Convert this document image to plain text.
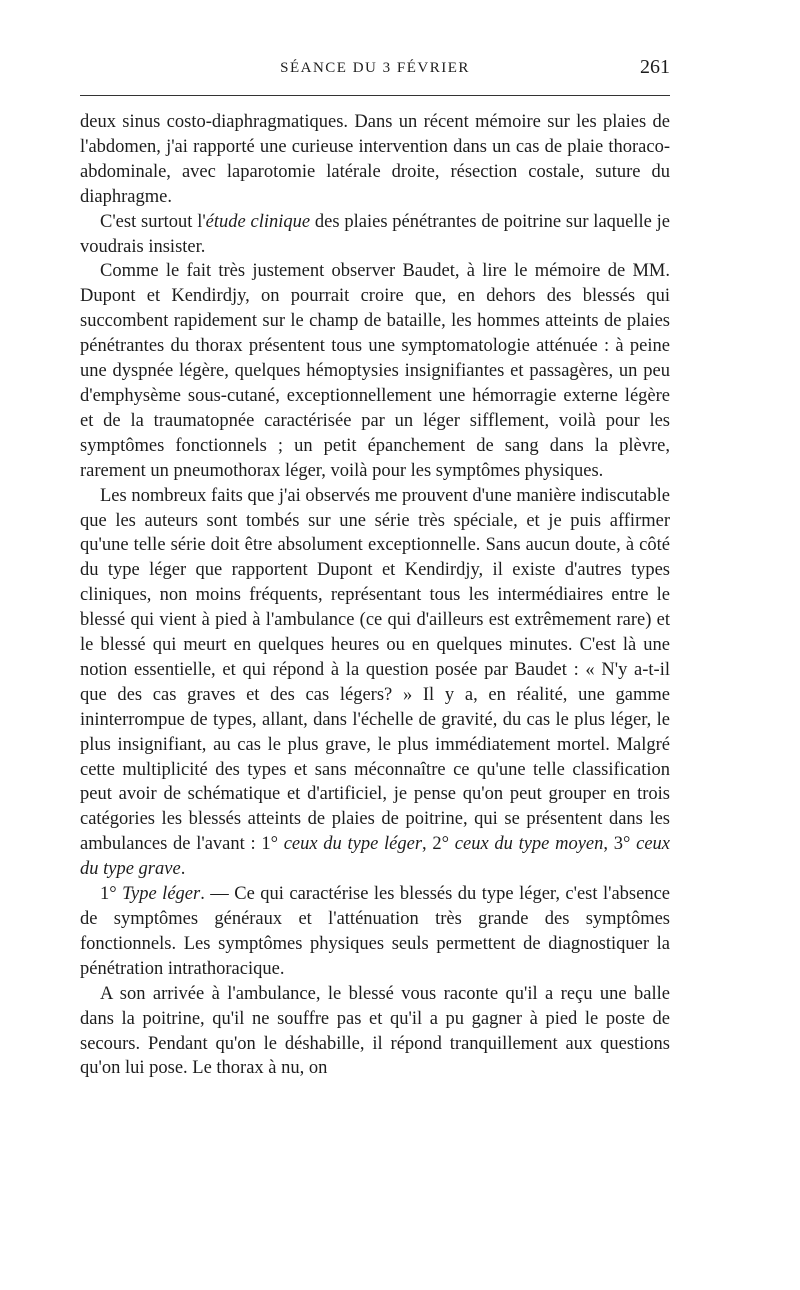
SÉANCE DU 3 FÉVRIER	261

deux sinus costo-diaphragmatiques. Dans un récent mémoire sur les plaies de l'abdomen, j'ai rapporté une curieuse intervention dans un cas de plaie thoraco-abdominale, avec laparotomie latérale droite, résection costale, suture du diaphragme.

C'est surtout l'étude clinique des plaies pénétrantes de poitrine sur laquelle je voudrais insister.

Comme le fait très justement observer Baudet, à lire le mémoire de MM. Dupont et Kendirdjy, on pourrait croire que, en dehors des blessés qui succombent rapidement sur le champ de bataille, les hommes atteints de plaies pénétrantes du thorax présentent tous une symptomatologie atténuée : à peine une dyspnée légère, quelques hémoptysies insignifiantes et passagères, un peu d'emphysème sous-cutané, exceptionnellement une hémorragie externe légère et de la traumatopnée caractérisée par un léger sifflement, voilà pour les symptômes fonctionnels ; un petit épanchement de sang dans la plèvre, rarement un pneumothorax léger, voilà pour les symptômes physiques.

Les nombreux faits que j'ai observés me prouvent d'une manière indiscutable que les auteurs sont tombés sur une série très spéciale, et je puis affirmer qu'une telle série doit être absolument exceptionnelle. Sans aucun doute, à côté du type léger que rapportent Dupont et Kendirdjy, il existe d'autres types cliniques, non moins fréquents, représentant tous les intermédiaires entre le blessé qui vient à pied à l'ambulance (ce qui d'ailleurs est extrêmement rare) et le blessé qui meurt en quelques heures ou en quelques minutes. C'est là une notion essentielle, et qui répond à la question posée par Baudet : « N'y a-t-il que des cas graves et des cas légers? » Il y a, en réalité, une gamme ininterrompue de types, allant, dans l'échelle de gravité, du cas le plus léger, le plus insignifiant, au cas le plus grave, le plus immédiatement mortel. Malgré cette multiplicité des types et sans méconnaître ce qu'une telle classification peut avoir de schématique et d'artificiel, je pense qu'on peut grouper en trois catégories les blessés atteints de plaies de poitrine, qui se présentent dans les ambulances de l'avant : 1° ceux du type léger, 2° ceux du type moyen, 3° ceux du type grave.

1° Type léger. — Ce qui caractérise les blessés du type léger, c'est l'absence de symptômes généraux et l'atténuation très grande des symptômes fonctionnels. Les symptômes physiques seuls permettent de diagnostiquer la pénétration intrathoracique.

A son arrivée à l'ambulance, le blessé vous raconte qu'il a reçu une balle dans la poitrine, qu'il ne souffre pas et qu'il a pu gagner à pied le poste de secours. Pendant qu'on le déshabille, il répond tranquillement aux questions qu'on lui pose. Le thorax à nu, on
